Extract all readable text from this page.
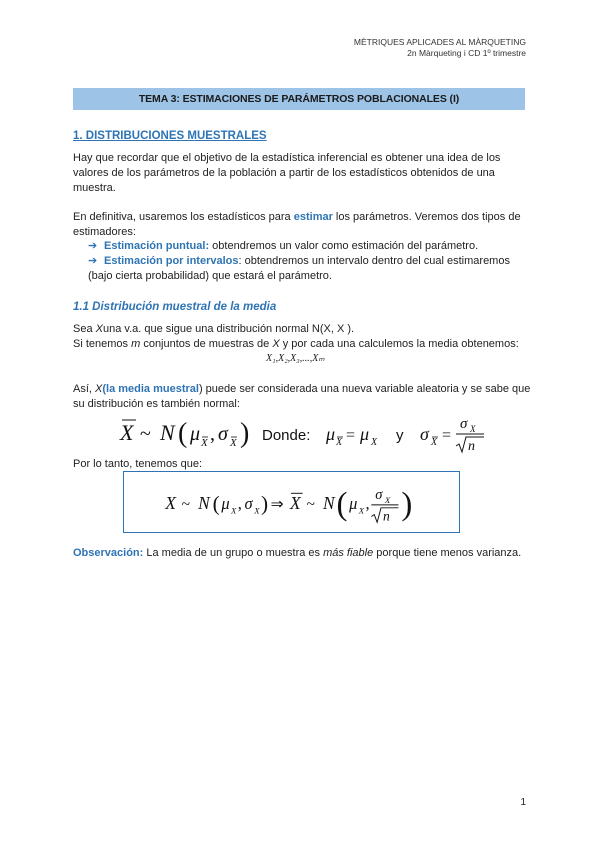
MÈTRIQUES APLICADES AL MÀRQUETING
2n Màrqueting i CD 1º trimestre
TEMA 3: ESTIMACIONES DE PARÁMETROS POBLACIONALES (I)
1. DISTRIBUCIONES MUESTRALES
Hay que recordar que el objetivo de la estadística inferencial es obtener una idea de los valores de los parámetros de la población a partir de los estadísticos obtenidos de una muestra.
En definitiva, usaremos los estadísticos para estimar los parámetros. Veremos dos tipos de estimadores:
➔ Estimación puntual: obtendremos un valor como estimación del parámetro.
➔ Estimación por intervalos: obtendremos un intervalo dentro del cual estimaremos (bajo cierta probabilidad) que estará el parámetro.
1.1 Distribución muestral de la media
Sea Xuna v.a. que sigue una distribución normal N(X, X ).
Si tenemos m conjuntos de muestras de X y por cada una calculemos la media obtenemos:
X₁,X₂,X₃,...,Xₘ
Así, X(la media muestral) puede ser considerada una nueva variable aleatoria y se sabe que su distribución es también normal:
X ~ N ( μ X , σ X ) Donde: μ X = μ X y σ X =
σ X
n
Por lo tanto, tenemos que:
X ~ N ( μ X , σ X ) ⇒ X ~ N ( μ X , σ X
n )
Observación: La media de un grupo o muestra es más fiable porque tiene menos varianza.
1
